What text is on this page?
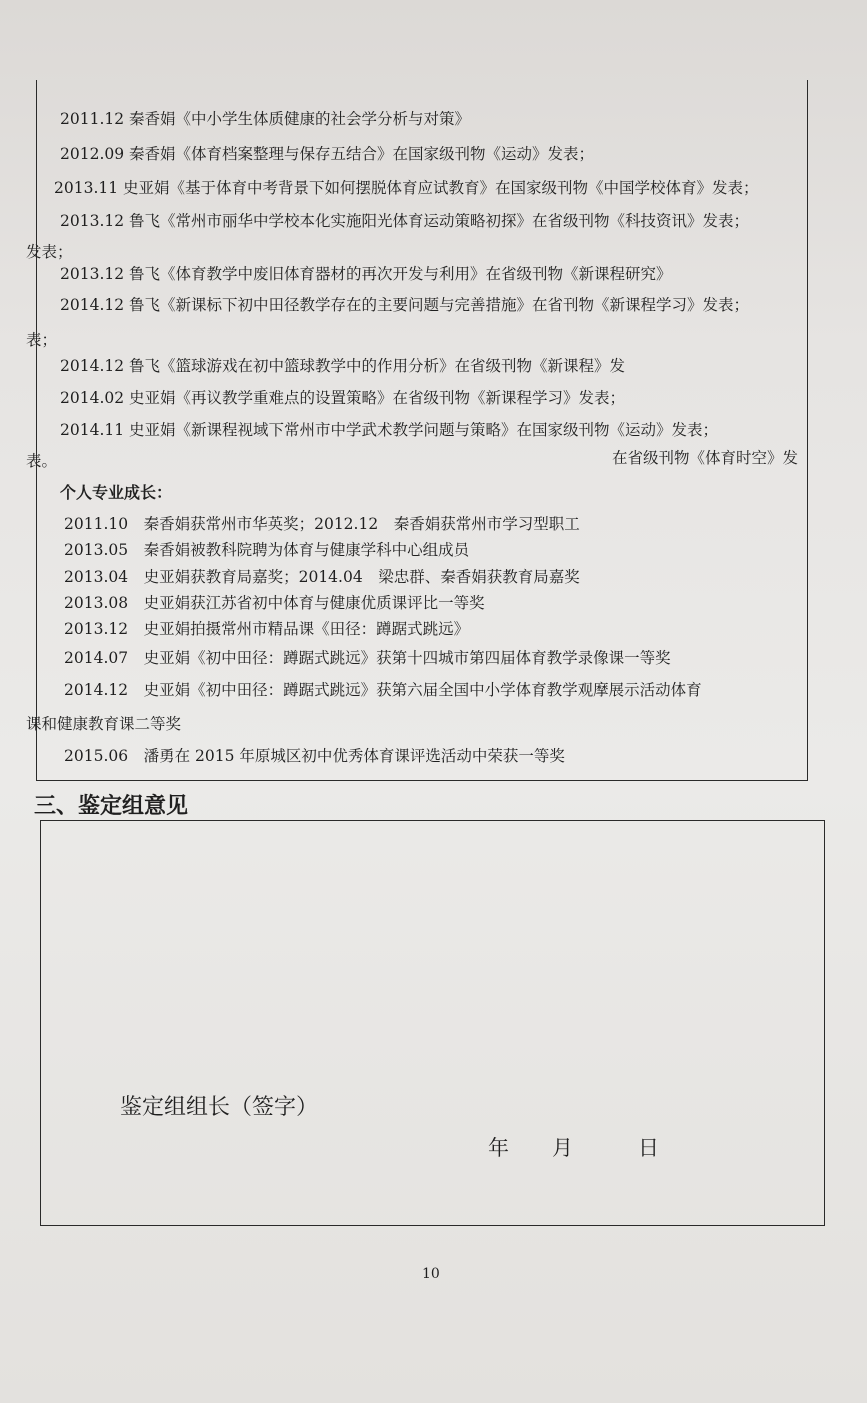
2011.12 秦香娟《中小学生体质健康的社会学分析与对策》
2012.09 秦香娟《体育档案整理与保存五结合》在国家级刊物《运动》发表；
2013.11 史亚娟《基于体育中考背景下如何摆脱体育应试教育》在国家级刊物《中国学校体育》发表；
2013.12 鲁飞《常州市丽华中学校本化实施阳光体育运动策略初探》在省级刊物《科技资讯》发表；
发表；
2013.12 鲁飞《体育教学中废旧体育器材的再次开发与利用》在省级刊物《新课程研究》
2014.12 鲁飞《新课标下初中田径教学存在的主要问题与完善措施》在省刊物《新课程学习》发表；
表；
2014.12 鲁飞《篮球游戏在初中篮球教学中的作用分析》在省级刊物《新课程》发
2014.02 史亚娟《再议教学重难点的设置策略》在省级刊物《新课程学习》发表；
2014.11 史亚娟《新课程视域下常州市中学武术教学问题与策略》在国家级刊物《运动》发表；
表。	在省级刊物《体育时空》发
个人专业成长：
2011.10　秦香娟获常州市华英奖；2012.12　秦香娟获常州市学习型职工
2013.05　秦香娟被教科院聘为体育与健康学科中心组成员
2013.04　史亚娟获教育局嘉奖；2014.04　梁忠群、秦香娟获教育局嘉奖
2013.08　史亚娟获江苏省初中体育与健康优质课评比一等奖
2013.12　史亚娟拍摄常州市精品课《田径：蹲踞式跳远》
2014.07　史亚娟《初中田径：蹲踞式跳远》获第十四城市第四届体育教学录像课一等奖
2014.12　史亚娟《初中田径：蹲踞式跳远》获第六届全国中小学体育教学观摩展示活动体育
课和健康教育课二等奖
2015.06　潘勇在 2015 年原城区初中优秀体育课评选活动中荣获一等奖
三、鉴定组意见
鉴定组组长（签字）
年 月	日
10
